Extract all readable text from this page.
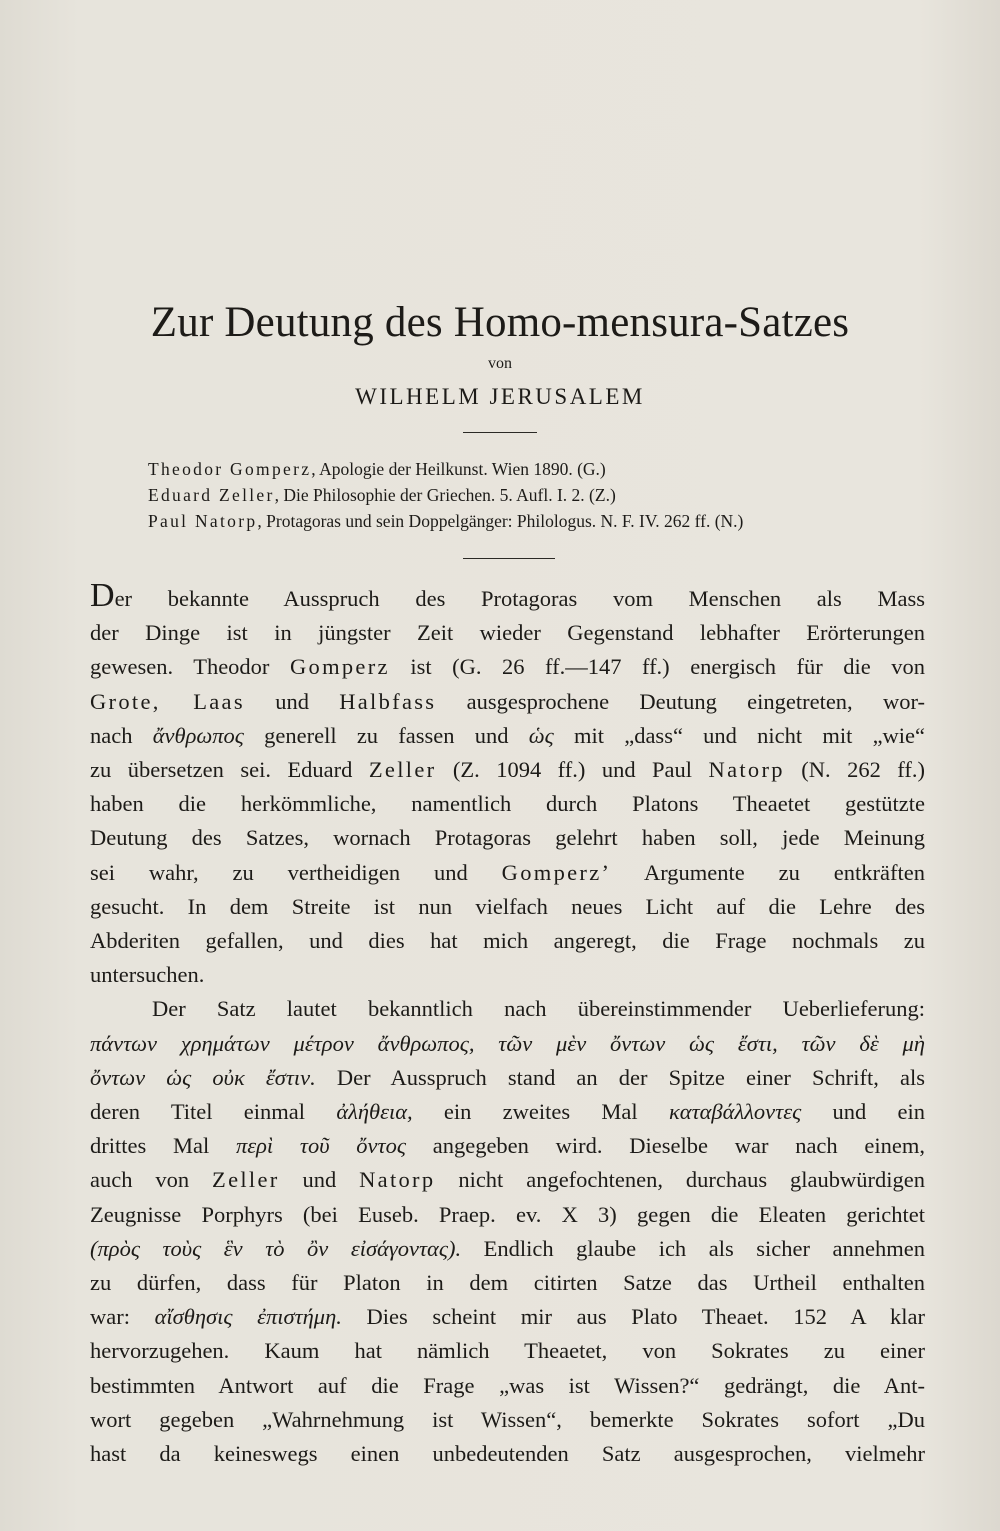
Zur Deutung des Homo-mensura-Satzes
von
WILHELM JERUSALEM
Theodor Gomperz, Apologie der Heilkunst. Wien 1890. (G.)
Eduard Zeller, Die Philosophie der Griechen. 5. Aufl. I. 2. (Z.)
Paul Natorp, Protagoras und sein Doppelgänger: Philologus. N. F. IV. 262 ff. (N.)
Der bekannte Ausspruch des Protagoras vom Menschen als Mass
der Dinge ist in jüngster Zeit wieder Gegenstand lebhafter Erörterungen
gewesen. Theodor Gomperz ist (G. 26 ff.—147 ff.) energisch für die von
Grote, Laas und Halbfass ausgesprochene Deutung eingetreten, wor-
nach ἄνθρωπος generell zu fassen und ὡς mit „dass“ und nicht mit „wie“
zu übersetzen sei. Eduard Zeller (Z. 1094 ff.) und Paul Natorp (N. 262 ff.)
haben die herkömmliche, namentlich durch Platons Theaetet gestützte
Deutung des Satzes, wornach Protagoras gelehrt haben soll, jede Meinung
sei wahr, zu vertheidigen und Gomperz’ Argumente zu entkräften
gesucht. In dem Streite ist nun vielfach neues Licht auf die Lehre des
Abderiten gefallen, und dies hat mich angeregt, die Frage nochmals zu
untersuchen.
Der Satz lautet bekanntlich nach übereinstimmender Ueberlieferung:
πάντων χρημάτων μέτρον ἄνθρωπος, τῶν μὲν ὄντων ὡς ἔστι, τῶν δὲ μὴ
ὄντων ὡς οὐκ ἔστιν. Der Ausspruch stand an der Spitze einer Schrift, als
deren Titel einmal ἀλήθεια, ein zweites Mal καταβάλλοντες und ein
drittes Mal περὶ τοῦ ὄντος angegeben wird. Dieselbe war nach einem,
auch von Zeller und Natorp nicht angefochtenen, durchaus glaubwürdigen
Zeugnisse Porphyrs (bei Euseb. Praep. ev. X 3) gegen die Eleaten gerichtet
(πρὸς τοὺς ἓν τὸ ὂν εἰσάγοντας). Endlich glaube ich als sicher annehmen
zu dürfen, dass für Platon in dem citirten Satze das Urtheil enthalten
war: αἴσθησις ἐπιστήμη. Dies scheint mir aus Plato Theaet. 152 A klar
hervorzugehen. Kaum hat nämlich Theaetet, von Sokrates zu einer
bestimmten Antwort auf die Frage „was ist Wissen?“ gedrängt, die Ant-
wort gegeben „Wahrnehmung ist Wissen“, bemerkte Sokrates sofort „Du
hast da keineswegs einen unbedeutenden Satz ausgesprochen, vielmehr
